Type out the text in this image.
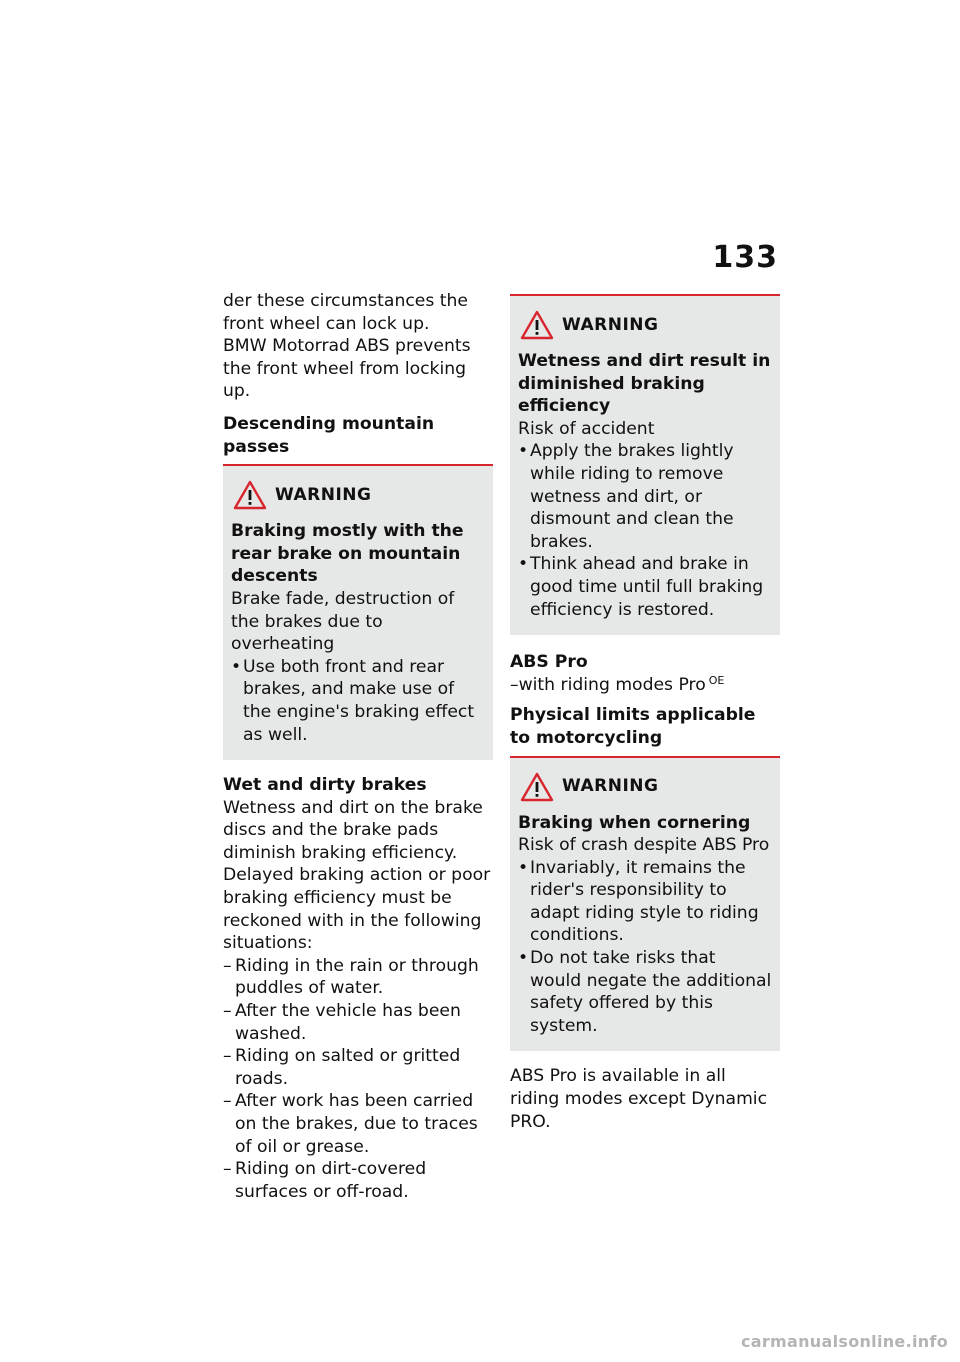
133

der these circumstances the front wheel can lock up.

BMW Motorrad ABS prevents the front wheel from locking up.

Descending mountain passes

WARNING

Braking mostly with the rear brake on mountain descents

Brake fade, destruction of the brakes due to overheating

• Use both front and rear brakes, and make use of the engine's braking effect as well.

Wet and dirty brakes

Wetness and dirt on the brake discs and the brake pads diminish braking efficiency.

Delayed braking action or poor braking efficiency must be reckoned with in the following situations:

– Riding in the rain or through puddles of water.
– After the vehicle has been washed.
– Riding on salted or gritted roads.
– After work has been carried on the brakes, due to traces of oil or grease.
– Riding on dirt-covered surfaces or off-road.
WARNING

Wetness and dirt result in diminished braking efficiency

Risk of accident

• Apply the brakes lightly while riding to remove wetness and dirt, or dismount and clean the brakes.
• Think ahead and brake in good time until full braking efficiency is restored.

ABS Pro

–with riding modes Pro $^{OE}$

Physical limits applicable to motorcycling

WARNING

Braking when cornering

Risk of crash despite ABS Pro

• Invariably, it remains the rider's responsibility to adapt riding style to riding conditions.
• Do not take risks that would negate the additional safety offered by this system.

ABS Pro is available in all riding modes except Dynamic PRO.

carmanualsonline.info
